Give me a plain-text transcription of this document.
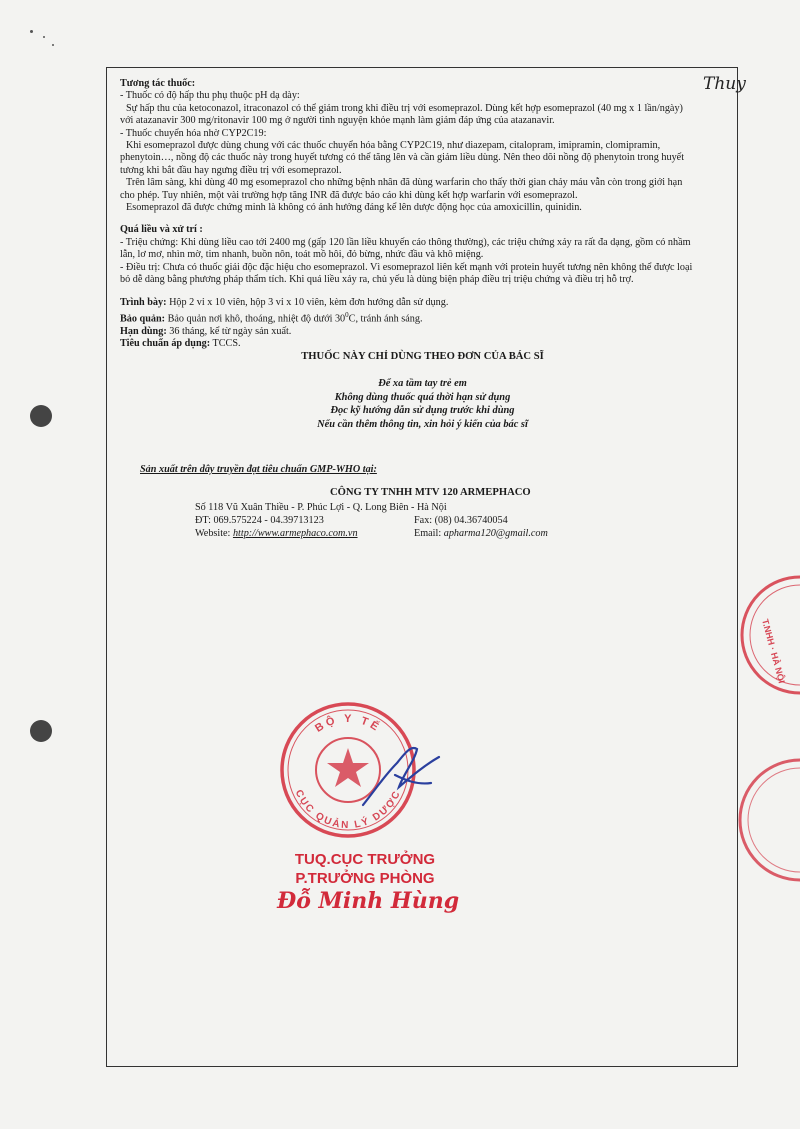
Thuy

Tương tác thuốc:

- Thuốc có độ hấp thu phụ thuộc pH dạ dày:

Sự hấp thu của ketoconazol, itraconazol có thể giảm trong khi điều trị với esomeprazol. Dùng kết hợp esomeprazol (40 mg x 1 lần/ngày)

với atazanavir 300 mg/ritonavir 100 mg ở người tình nguyện khỏe mạnh làm giảm đáp ứng của atazanavir.

- Thuốc chuyển hóa nhờ CYP2C19:

Khi esomeprazol được dùng chung với các thuốc chuyển hóa bằng CYP2C19, như diazepam, citalopram, imipramin, clomipramin,

phenytoin…, nồng độ các thuốc này trong huyết tương có thể tăng lên và cần giảm liều dùng. Nên theo dõi nồng độ phenytoin trong huyết

tương khi bắt đầu hay ngưng điều trị với esomeprazol.

Trên lâm sàng, khi dùng 40 mg esomeprazol cho những bệnh nhân đã dùng warfarin cho thấy thời gian chảy máu vẫn còn trong giới hạn

cho phép. Tuy nhiên, một vài trường hợp tăng INR đã được báo cáo khi dùng kết hợp warfarin với esomeprazol.

Esomeprazol đã được chứng minh là không có ảnh hưởng đáng kể lên dược động học của amoxicillin, quinidin.

Quá liều và xử trí :

- Triệu chứng: Khi dùng liều cao tới 2400 mg (gấp 120 lần liều khuyến cáo thông thường), các triệu chứng xảy ra rất đa dạng, gồm có nhầm

lẫn, lơ mơ, nhìn mờ, tim nhanh, buồn nôn, toát mồ hôi, đỏ bừng, nhức đầu và khô miệng.

- Điều trị: Chưa có thuốc giải độc đặc hiệu cho esomeprazol. Vì esomeprazol liên kết mạnh với protein huyết tương nên không thể được loại

bỏ dễ dàng bằng phương pháp thẩm tích. Khi quá liều xảy ra, chủ yếu là dùng biện pháp điều trị triệu chứng và điều trị hỗ trợ.

Trình bày: Hộp 2 vỉ x 10 viên, hộp 3 vỉ x 10 viên, kèm đơn hướng dẫn sử dụng.

Bảo quản: Bảo quản nơi khô, thoáng, nhiệt độ dưới $30^0C$, tránh ánh sáng.

Hạn dùng: 36 tháng, kể từ ngày sản xuất.

Tiêu chuẩn áp dụng: TCCS.

THUỐC NÀY CHỈ DÙNG THEO ĐƠN CỦA BÁC SĨ

Để xa tầm tay trẻ em

Không dùng thuốc quá thời hạn sử dụng

Đọc kỹ hướng dẫn sử dụng trước khi dùng

Nếu cần thêm thông tin, xin hỏi ý kiến của bác sĩ

Sản xuất trên dây truyền đạt tiêu chuẩn GMP-WHO tại:
CÔNG TY TNHH MTV 120 ARMEPHACO
Số 118 Vũ Xuân Thiều - P. Phúc Lợi - Q. Long Biên - Hà Nội
ĐT: 069.575224 - 04.39713123	Fax: (08) 04.36740054
Website: http://www.armephaco.com.vn	Email: apharma120@gmail.com
BỘ Y TẾ
CỤC QUẢN LÝ DƯỢC
T.NHH · HÀ NỘI
TUQ.CỤC TRƯỞNG
P.TRƯỞNG PHÒNG
Đỗ Minh Hùng
